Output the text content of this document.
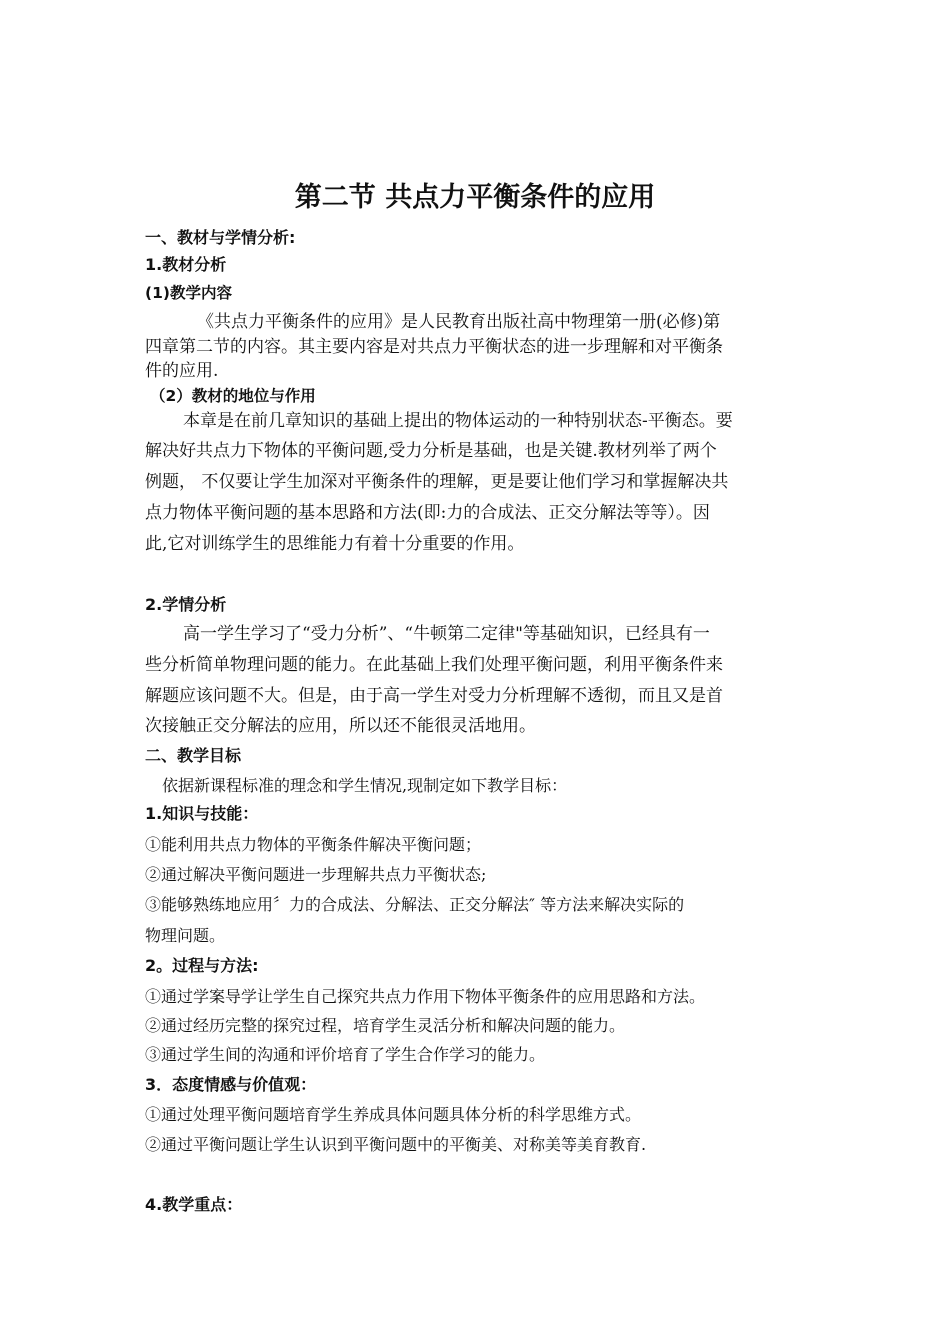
第二节 共点力平衡条件的应用

一、教材与学情分析:

1.教材分析

(1)教学内容

《共点力平衡条件的应用》是人民教育出版社高中物理第一册(必修)第

四章第二节的内容。其主要内容是对共点力平衡状态的进一步理解和对平衡条

件的应用.

（2）教材的地位与作用

本章是在前几章知识的基础上提出的物体运动的一种特别状态-平衡态。要

解决好共点力下物体的平衡问题,受力分析是基础，也是关键.教材列举了两个

例题， 不仅要让学生加深对平衡条件的理解，更是要让他们学习和掌握解决共

点力物体平衡问题的基本思路和方法(即:力的合成法、正交分解法等等）。因

此,它对训练学生的思维能力有着十分重要的作用。

2.学情分析

高一学生学习了“受力分析”、“牛顿第二定律"等基础知识，已经具有一

些分析简单物理问题的能力。在此基础上我们处理平衡问题，利用平衡条件来

解题应该问题不大。但是，由于高一学生对受力分析理解不透彻，而且又是首

次接触正交分解法的应用，所以还不能很灵活地用。

二、教学目标

依据新课程标准的理念和学生情况,现制定如下教学目标：

1.知识与技能：

①能利用共点力物体的平衡条件解决平衡问题；

②通过解决平衡问题进一步理解共点力平衡状态;

③能够熟练地应用〞力的合成法、分解法、正交分解法″ 等方法来解决实际的

物理问题。

2。过程与方法:

①通过学案导学让学生自己探究共点力作用下物体平衡条件的应用思路和方法。

②通过经历完整的探究过程，培育学生灵活分析和解决问题的能力。

③通过学生间的沟通和评价培育了学生合作学习的能力。

3．态度情感与价值观：

①通过处理平衡问题培育学生养成具体问题具体分析的科学思维方式。

②通过平衡问题让学生认识到平衡问题中的平衡美、对称美等美育教育.

4.教学重点：
